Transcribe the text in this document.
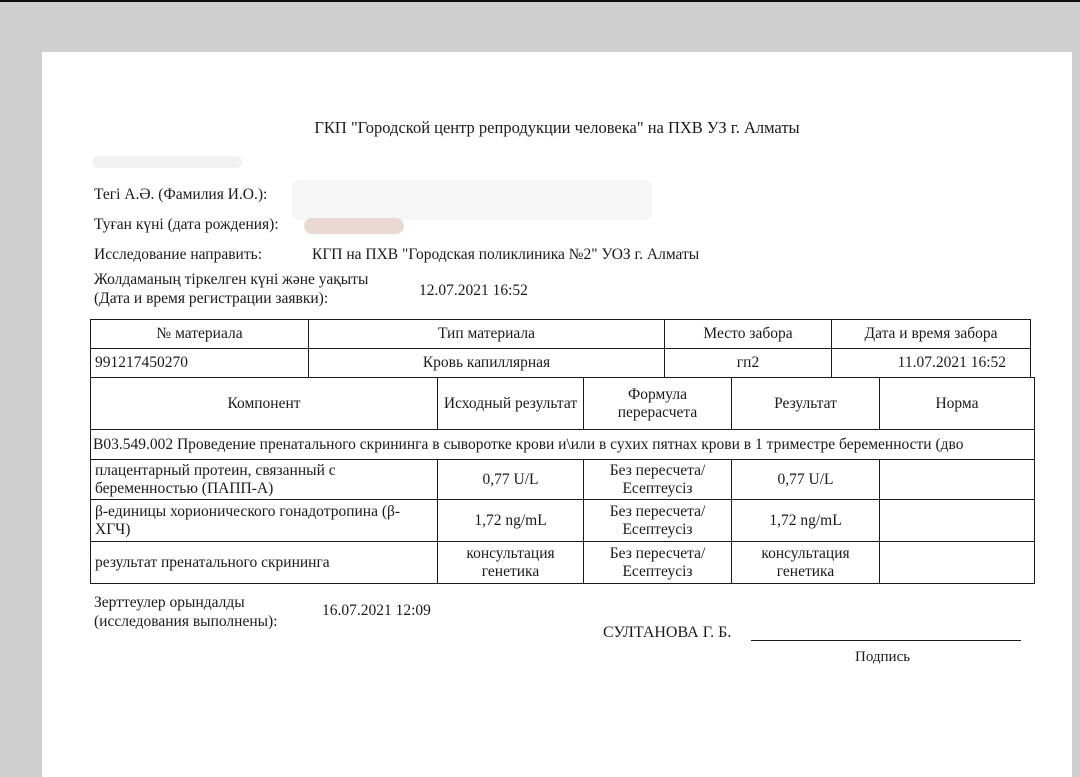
ГКП "Городской центр репродукции человека" на ПХВ УЗ г. Алматы
Тегі А.Ә. (Фамилия И.О.):
Туған күні (дата рождения):
Исследование направить:	КГП на ПХВ "Городская поликлиника №2" УОЗ г. Алматы
Жолдаманың тіркелген күні және уақыты
(Дата и время регистрации заявки):	12.07.2021 16:52
№ материала	Тип материала	Место забора	Дата и время забора
991217450270	Кровь капиллярная	гп2	11.07.2021 16:52
Компонент	Исходный результат	Формула перерасчета	Результат	Норма
B03.549.002 Проведение пренатального скрининга в сыворотке крови и\или в сухих пятнах крови в 1 триместре беременности (дво				
плацентарный протеин, связанный с беременностью (ПАПП-А)	0,77 U/L	Без пересчета/ Есептеусіз	0,77 U/L	
β-единицы хорионического гонадотропина (β-ХГЧ)	1,72 ng/mL	Без пересчета/ Есептеусіз	1,72 ng/mL	
результат пренатального скрининга	консультация генетика	Без пересчета/ Есептеусіз	консультация генетика	
Зерттеулер орындалды
(исследования выполнены):
16.07.2021 12:09
СУЛТАНОВА Г. Б.
Подпись
